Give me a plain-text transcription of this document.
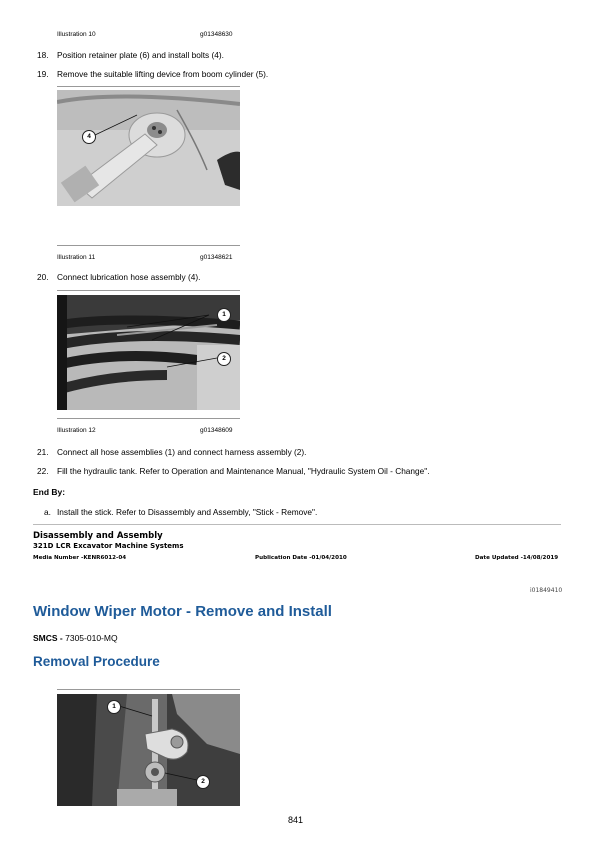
Illustration 10	g01348630
18. Position retainer plate (6) and install bolts (4).
19. Remove the suitable lifting device from boom cylinder (5).
4
Illustration 11	g01348621
20. Connect lubrication hose assembly (4).
1
2
Illustration 12	g01348609
21. Connect all hose assemblies (1) and connect harness assembly (2).
22. Fill the hydraulic tank. Refer to Operation and Maintenance Manual, "Hydraulic System Oil - Change".
End By:
a. Install the stick. Refer to Disassembly and Assembly, "Stick - Remove".
Disassembly and Assembly
321D LCR Excavator Machine Systems
Media Number -KENR6012-04	Publication Date -01/04/2010	Date Updated -14/08/2019
i01849410
Window Wiper Motor - Remove and Install
SMCS - 7305-010-MQ
Removal Procedure
1
2
841
